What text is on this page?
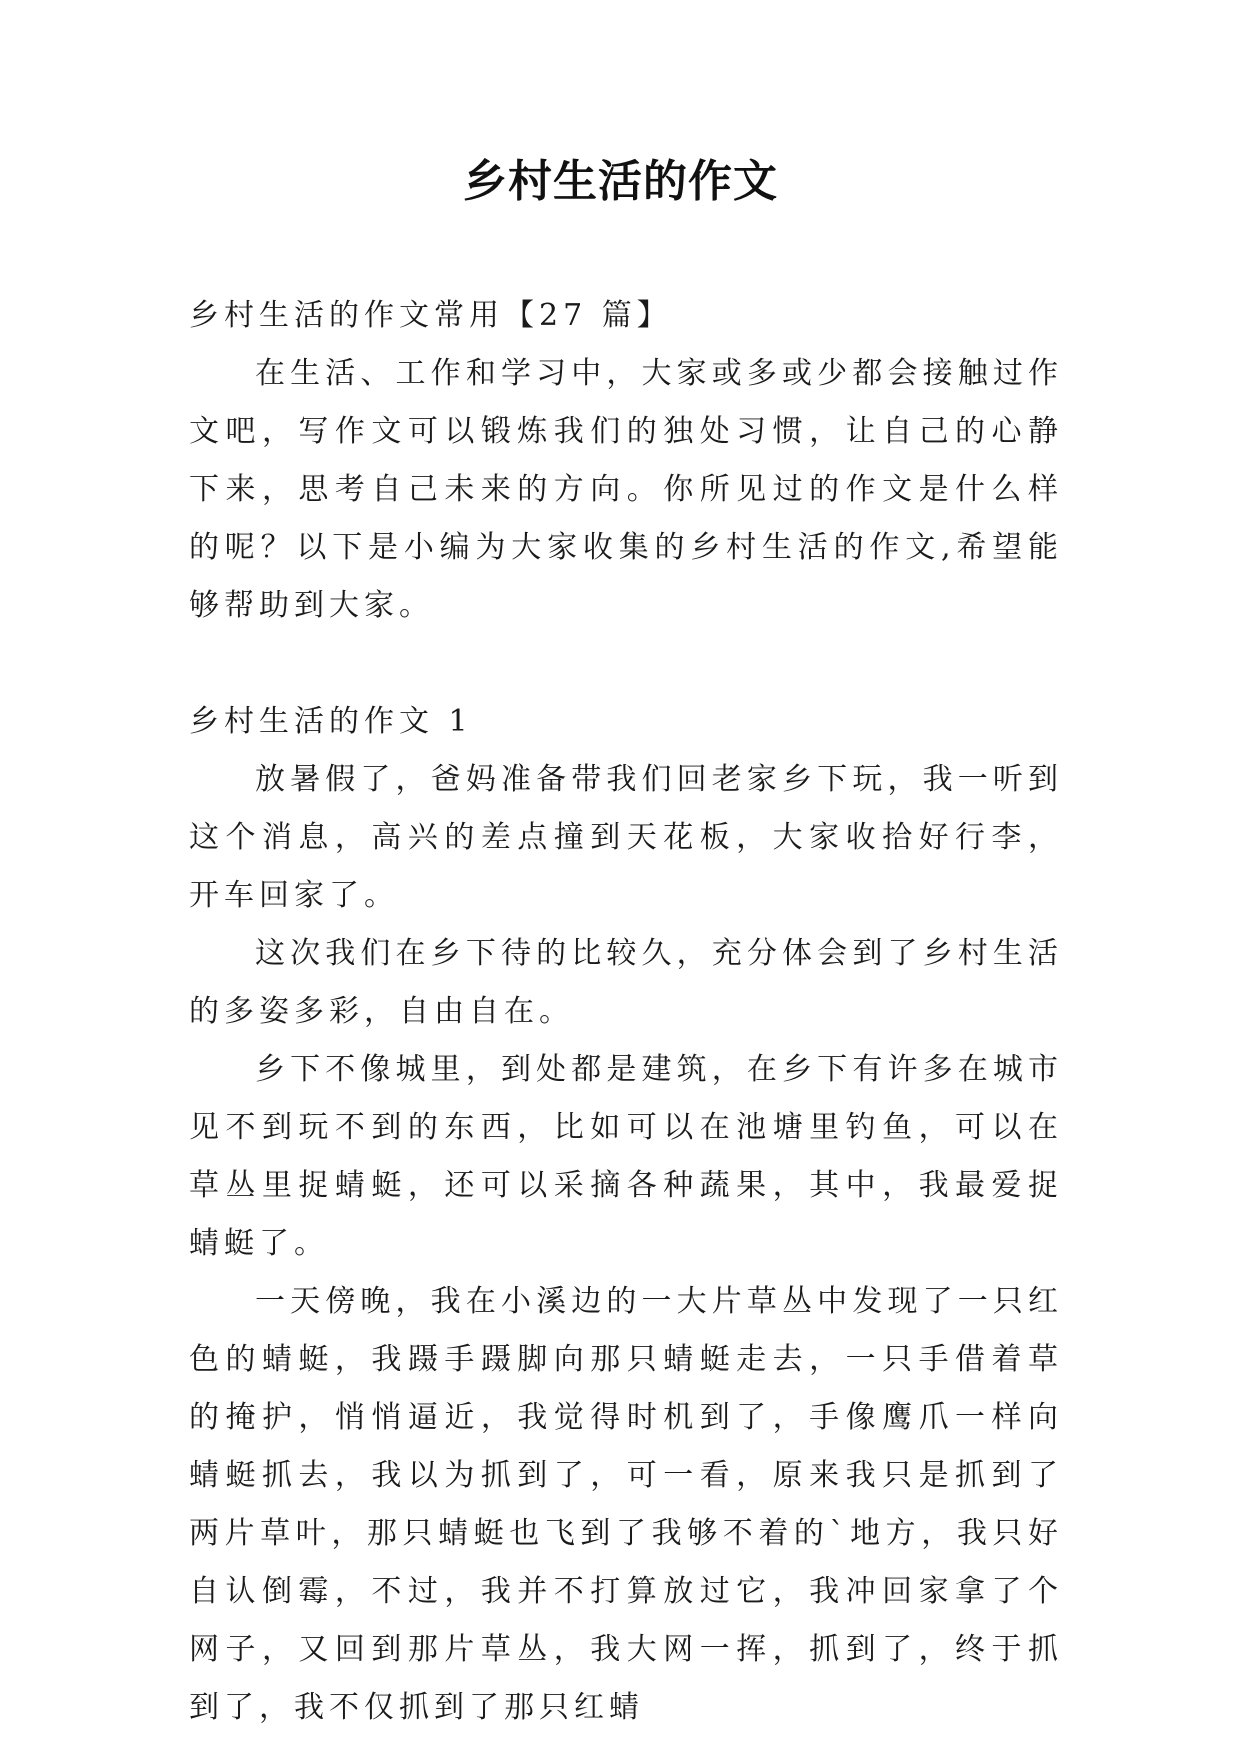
乡村生活的作文

乡村生活的作文常用【27 篇】

在生活、工作和学习中，大家或多或少都会接触过作文吧，写作文可以锻炼我们的独处习惯，让自己的心静下来，思考自己未来的方向。你所见过的作文是什么样的呢？以下是小编为大家收集的乡村生活的作文,希望能够帮助到大家。

乡村生活的作文 1

放暑假了，爸妈准备带我们回老家乡下玩，我一听到这个消息，高兴的差点撞到天花板，大家收拾好行李，开车回家了。

这次我们在乡下待的比较久，充分体会到了乡村生活的多姿多彩，自由自在。

乡下不像城里，到处都是建筑，在乡下有许多在城市见不到玩不到的东西，比如可以在池塘里钓鱼，可以在草丛里捉蜻蜓，还可以采摘各种蔬果，其中，我最爱捉蜻蜓了。

一天傍晚，我在小溪边的一大片草丛中发现了一只红色的蜻蜓，我蹑手蹑脚向那只蜻蜓走去，一只手借着草的掩护，悄悄逼近，我觉得时机到了，手像鹰爪一样向蜻蜓抓去，我以为抓到了，可一看，原来我只是抓到了两片草叶，那只蜻蜓也飞到了我够不着的`地方，我只好自认倒霉，不过，我并不打算放过它，我冲回家拿了个网子，又回到那片草丛，我大网一挥，抓到了，终于抓到了，我不仅抓到了那只红蜻
